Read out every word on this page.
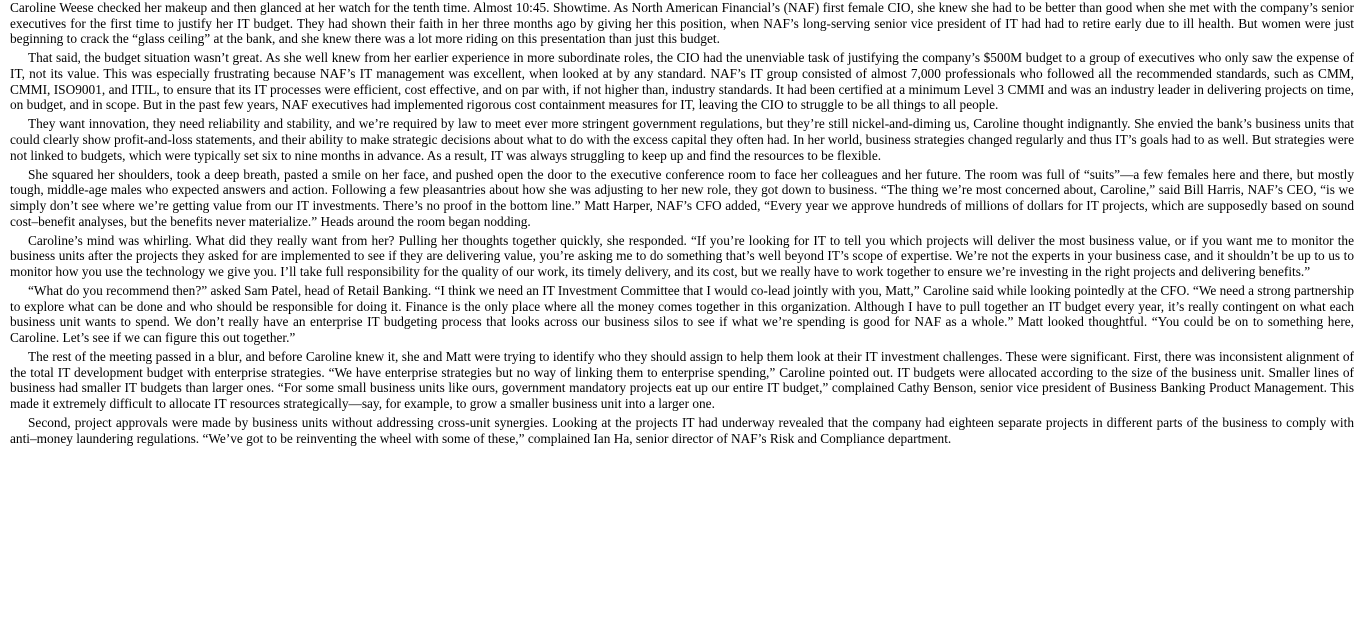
Caroline Weese checked her makeup and then glanced at her watch for the tenth time. Almost 10:45. Showtime. As North American Financial’s (NAF) first female CIO, she knew she had to be better than good when she met with the company’s senior executives for the first time to justify her IT budget. They had shown their faith in her three months ago by giving her this position, when NAF’s long-serving senior vice president of IT had had to retire early due to ill health. But women were just beginning to crack the “glass ceiling” at the bank, and she knew there was a lot more riding on this presentation than just this budget.

That said, the budget situation wasn’t great. As she well knew from her earlier experience in more subordinate roles, the CIO had the unenviable task of justifying the company’s $500M budget to a group of executives who only saw the expense of IT, not its value. This was especially frustrating because NAF’s IT management was excellent, when looked at by any standard. NAF’s IT group consisted of almost 7,000 professionals who followed all the recommended standards, such as CMM, CMMI, ISO9001, and ITIL, to ensure that its IT processes were efficient, cost effective, and on par with, if not higher than, industry standards. It had been certified at a minimum Level 3 CMMI and was an industry leader in delivering projects on time, on budget, and in scope. But in the past few years, NAF executives had implemented rigorous cost containment measures for IT, leaving the CIO to struggle to be all things to all people.

They want innovation, they need reliability and stability, and we’re required by law to meet ever more stringent government regulations, but they’re still nickel-and-diming us, Caroline thought indignantly. She envied the bank’s business units that could clearly show profit-and-loss statements, and their ability to make strategic decisions about what to do with the excess capital they often had. In her world, business strategies changed regularly and thus IT’s goals had to as well. But strategies were not linked to budgets, which were typically set six to nine months in advance. As a result, IT was always struggling to keep up and find the resources to be flexible.

She squared her shoulders, took a deep breath, pasted a smile on her face, and pushed open the door to the executive conference room to face her colleagues and her future. The room was full of “suits”—a few females here and there, but mostly tough, middle-age males who expected answers and action. Following a few pleasantries about how she was adjusting to her new role, they got down to business. “The thing we’re most concerned about, Caroline,” said Bill Harris, NAF’s CEO, “is we simply don’t see where we’re getting value from our IT investments. There’s no proof in the bottom line.” Matt Harper, NAF’s CFO added, “Every year we approve hundreds of millions of dollars for IT projects, which are supposedly based on sound cost–benefit analyses, but the benefits never materialize.” Heads around the room began nodding.

Caroline’s mind was whirling. What did they really want from her? Pulling her thoughts together quickly, she responded. “If you’re looking for IT to tell you which projects will deliver the most business value, or if you want me to monitor the business units after the projects they asked for are implemented to see if they are delivering value, you’re asking me to do something that’s well beyond IT’s scope of expertise. We’re not the experts in your business case, and it shouldn’t be up to us to monitor how you use the technology we give you. I’ll take full responsibility for the quality of our work, its timely delivery, and its cost, but we really have to work together to ensure we’re investing in the right projects and delivering benefits.”

“What do you recommend then?” asked Sam Patel, head of Retail Banking. “I think we need an IT Investment Committee that I would co-lead jointly with you, Matt,” Caroline said while looking pointedly at the CFO. “We need a strong partnership to explore what can be done and who should be responsible for doing it. Finance is the only place where all the money comes together in this organization. Although I have to pull together an IT budget every year, it’s really contingent on what each business unit wants to spend. We don’t really have an enterprise IT budgeting process that looks across our business silos to see if what we’re spending is good for NAF as a whole.” Matt looked thoughtful. “You could be on to something here, Caroline. Let’s see if we can figure this out together.”

The rest of the meeting passed in a blur, and before Caroline knew it, she and Matt were trying to identify who they should assign to help them look at their IT investment challenges. These were significant. First, there was inconsistent alignment of the total IT development budget with enterprise strategies. “We have enterprise strategies but no way of linking them to enterprise spending,” Caroline pointed out. IT budgets were allocated according to the size of the business unit. Smaller lines of business had smaller IT budgets than larger ones. “For some small business units like ours, government mandatory projects eat up our entire IT budget,” complained Cathy Benson, senior vice president of Business Banking Product Management. This made it extremely difficult to allocate IT resources strategically—say, for example, to grow a smaller business unit into a larger one.

Second, project approvals were made by business units without addressing cross-unit synergies. Looking at the projects IT had underway revealed that the company had eighteen separate projects in different parts of the business to comply with anti–money laundering regulations. “We’ve got to be reinventing the wheel with some of these,” complained Ian Ha, senior director of NAF’s Risk and Compliance department.
